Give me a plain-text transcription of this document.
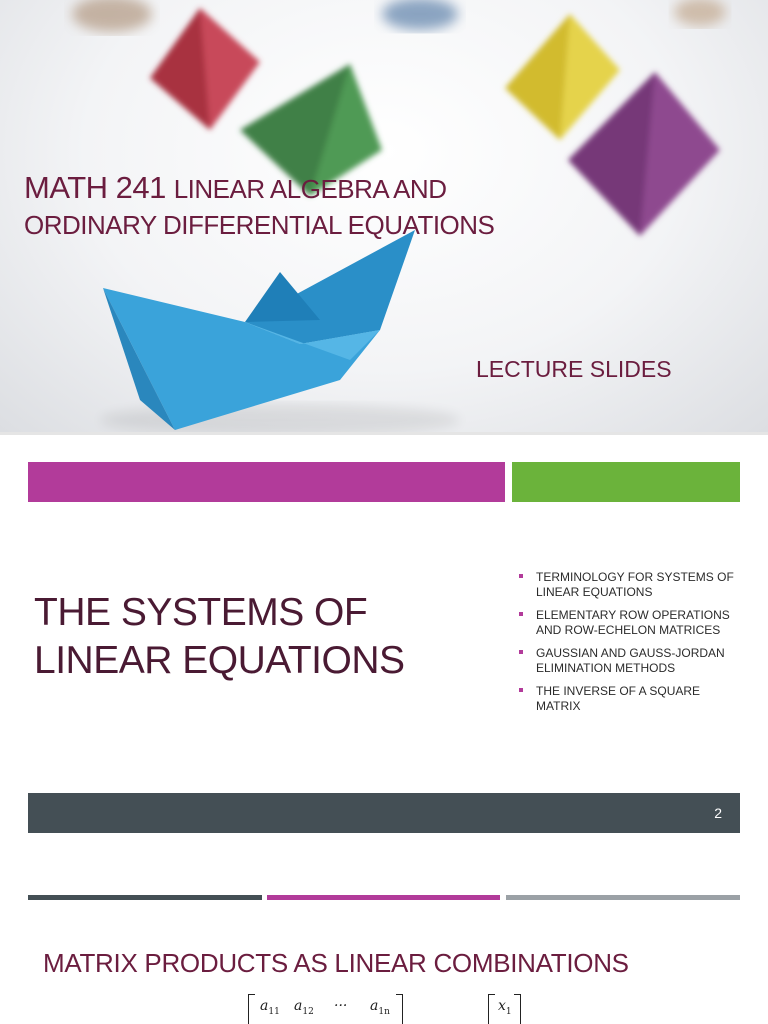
MATH 241 LINEAR ALGEBRA AND
ORDINARY DIFFERENTIAL EQUATIONS
LECTURE SLIDES
THE SYSTEMS OF
LINEAR EQUATIONS
TERMINOLOGY FOR SYSTEMS OF LINEAR EQUATIONS
ELEMENTARY ROW OPERATIONS AND ROW-ECHELON MATRICES
GAUSSIAN AND GAUSS-JORDAN ELIMINATION METHODS
THE INVERSE OF A SQUARE MATRIX
2
MATRIX PRODUCTS AS LINEAR COMBINATIONS
$a_{11}$ $a_{12}$ ··· $a_{1n}$	$x_1$
